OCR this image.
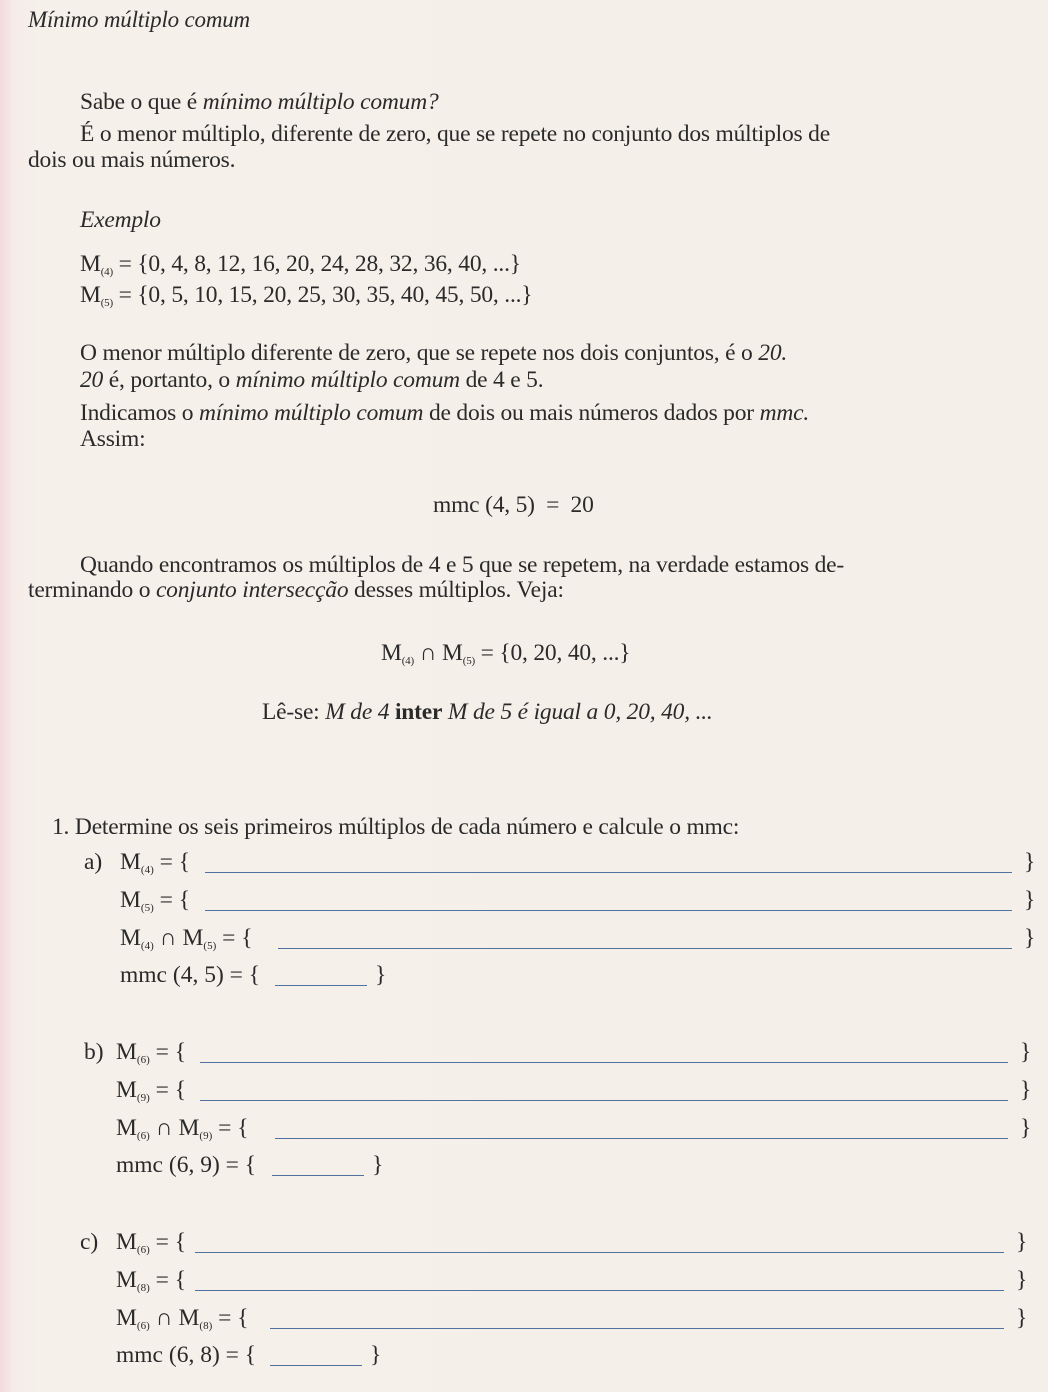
Mínimo múltiplo comum
Sabe o que é mínimo múltiplo comum?
É o menor múltiplo, diferente de zero, que se repete no conjunto dos múltiplos de
dois ou mais números.
Exemplo
$M_{(4)} = \{0$, 4, 8, 12, 16, 20, 24, 28, 32, 36, 40, ...}
$M_{(5)} = \{0$, 5, 10, 15, 20, 25, 30, 35, 40, 45, 50, ...}
O menor múltiplo diferente de zero, que se repete nos dois conjuntos, é o 20.
20 é, portanto, o mínimo múltiplo comum de 4 e 5.
Indicamos o mínimo múltiplo comum de dois ou mais números dados por mmc.
Assim:
mmc (4, 5)  =  20
Quando encontramos os múltiplos de 4 e 5 que se repetem, na verdade estamos de-
terminando o conjunto intersecção desses múltiplos. Veja:
$M_{(4)}$ ∩ $M_{(5)} = \{0$, 20, 40, ...}
Lê-se: M de 4 inter M de 5 é igual a 0, 20, 40, ...
1. Determine os seis primeiros múltiplos de cada número e calcule o mmc:
a) $M_{(4)}$ = {	}
$M_{(5)}$ = {	}
$M_{(4)}$ ∩ $M_{(5)}$ = {	}
mmc (4, 5) = {	}
b) $M_{(6)}$ = {	}
$M_{(9)}$ = {	}
$M_{(6)}$ ∩ $M_{(9)}$ = {	}
mmc (6, 9) = {	}
c) $M_{(6)}$ = {	}
$M_{(8)}$ = {	}
$M_{(6)}$ ∩ $M_{(8)}$ = {	}
mmc (6, 8) = {	}
